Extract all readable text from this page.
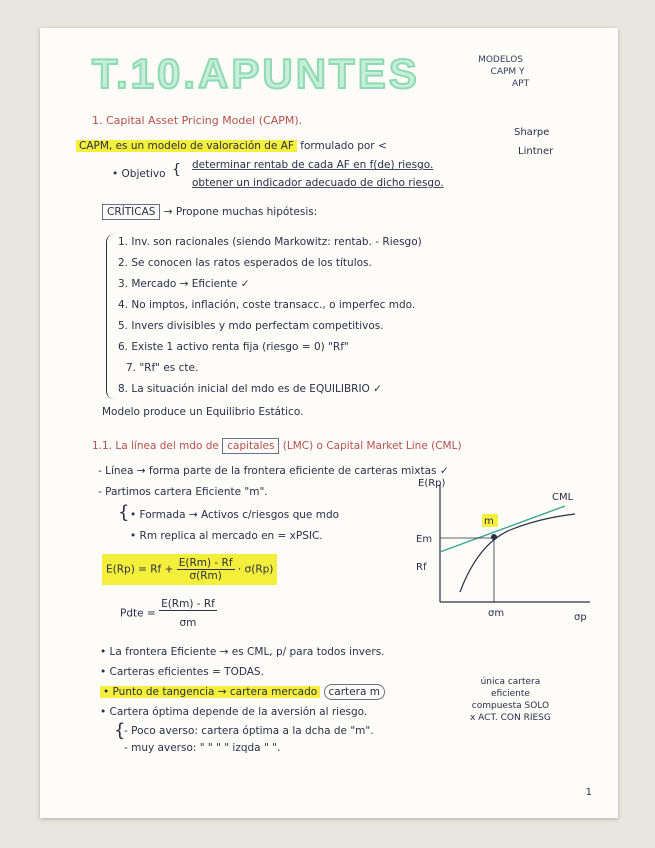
T.10.APUNTES	MODELOS
CAPM Y
APT
1. Capital Asset Pricing Model (CAPM).
Sharpe
Lintner
CAPM, es un modelo de valoración de AF formulado por <
• Objetivo { determinar rentab de cada AF en f(de) riesgo.
obtener un indicador adecuado de dicho riesgo.
CRÍTICAS → Propone muchas hipótesis:
1. Inv. son racionales (siendo Markowitz: rentab. - Riesgo)
2. Se conocen las ratos esperados de los títulos.
3. Mercado → Eficiente ✓
4. No imptos, inflación, coste transacc., o imperfec mdo.
5. Invers divisibles y mdo perfectam competitivos.
6. Existe 1 activo renta fija (riesgo = 0) "Rf"
7. "Rf" es cte.
8. La situación inicial del mdo es de EQUILIBRIO ✓
Modelo produce un Equilibrio Estático.
1.1. La línea del mdo de capitales (LMC) o Capital Market Line (CML)
- Línea → forma parte de la frontera eficiente de carteras mixtas ✓
- Partimos cartera Eficiente "m".
{ • Formada → Activos c/riesgos que mdo
• Rm replica al mercado en = xPSIC.
$E(Rp) = Rf + \frac{E(Rm) - Rf}{\sigma(Rm)} \cdot \sigma(Rp)$
Pdte = $\frac{E(Rm) - Rf}{\sigma m}$
E(Rp)
CML
Em
Rf
σm	σp
m
• La frontera Eficiente → es CML, p/ para todos invers.
• Carteras eficientes = TODAS.
• Punto de tangencia → cartera mercado cartera m
• Cartera óptima depende de la aversión al riesgo.
{
- Poco averso: cartera óptima a la dcha de "m".
- muy averso: " " " " izqda " ".
única cartera
eficiente
compuesta SOLO
x ACT. CON RIESG
1
